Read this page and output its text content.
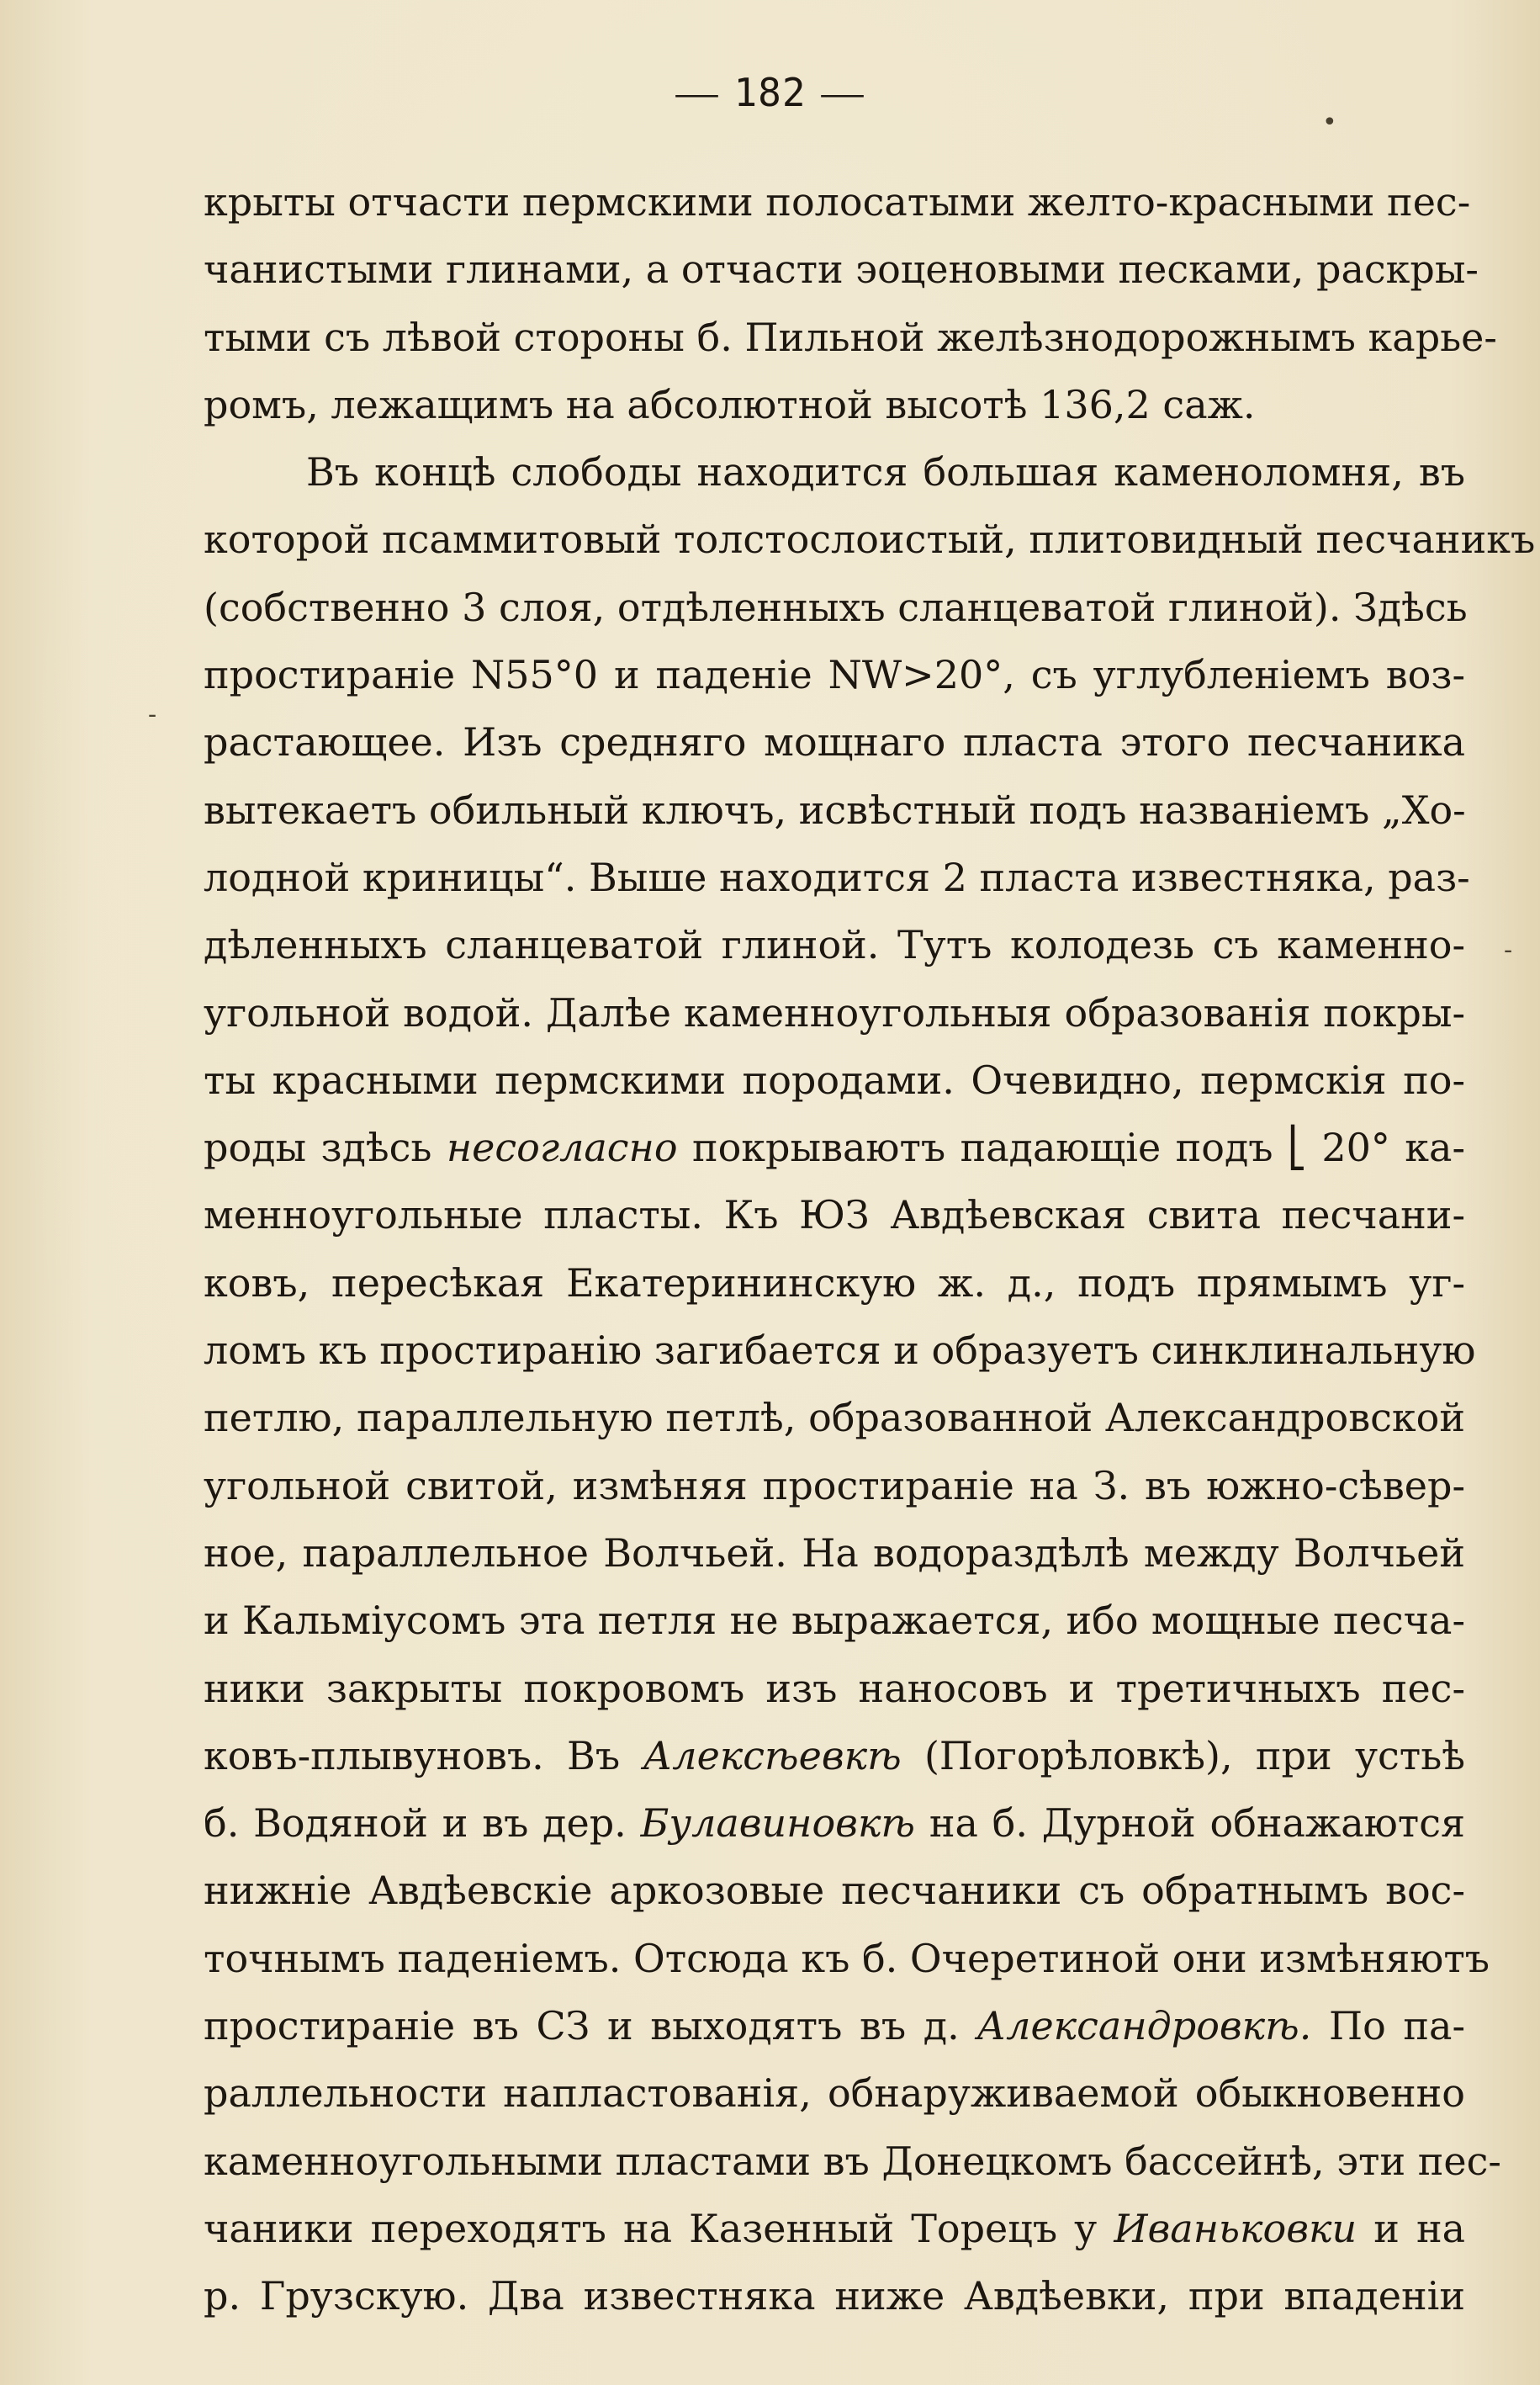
— 182 —
крыты отчасти пермскими полосатыми желто-красными пес-
чанистыми глинами, а отчасти эоценовыми песками, раскры-
тыми съ лѣвой стороны б. Пильной желѣзнодорожнымъ карье-
ромъ, лежащимъ на абсолютной высотѣ 136,2 саж.
Въ концѣ слободы находится большая каменоломня, въ
которой псаммитовый толстослоистый, плитовидный песчаникъ
(собственно 3 слоя, отдѣленныхъ сланцеватой глиной). Здѣсь
простираніе N55°0 и паденіе NW>20°, съ углубленіемъ воз-
растающее. Изъ средняго мощнаго пласта этого песчаника
вытекаетъ обильный ключъ, исвѣстный подъ названіемъ „Хо-
лодной криницы“. Выше находится 2 пласта известняка, раз-
дѣленныхъ сланцеватой глиной. Тутъ колодезь съ каменно-
угольной водой. Далѣе каменноугольныя образованія покры-
ты красными пермскими породами. Очевидно, пермскія по-
роды здѣсь несогласно покрываютъ падающіе подъ ⎣ 20° ка-
менноугольные пласты. Къ ЮЗ Авдѣевская свита песчани-
ковъ, пересѣкая Екатерининскую ж. д., подъ прямымъ уг-
ломъ къ простиранію загибается и образуетъ синклинальную
петлю, параллельную петлѣ, образованной Александровской
угольной свитой, измѣняя простираніе на З. въ южно-сѣвер-
ное, параллельное Волчьей. На водораздѣлѣ между Волчьей
и Кальміусомъ эта петля не выражается, ибо мощные песча-
ники закрыты покровомъ изъ наносовъ и третичныхъ пес-
ковъ-плывуновъ. Въ Алексѣевкѣ (Погорѣловкѣ), при устьѣ
б. Водяной и въ дер. Булавиновкѣ на б. Дурной обнажаются
нижніе Авдѣевскіе аркозовые песчаники съ обратнымъ вос-
точнымъ паденіемъ. Отсюда къ б. Очеретиной они измѣняютъ
простираніе въ СЗ и выходятъ въ д. Александровкѣ. По па-
раллельности напластованія, обнаруживаемой обыкновенно
каменноугольными пластами въ Донецкомъ бассейнѣ, эти пес-
чаники переходятъ на Казенный Торецъ у Иваньковки и на
р. Грузскую. Два известняка ниже Авдѣевки, при впаденіи
•
-
-
